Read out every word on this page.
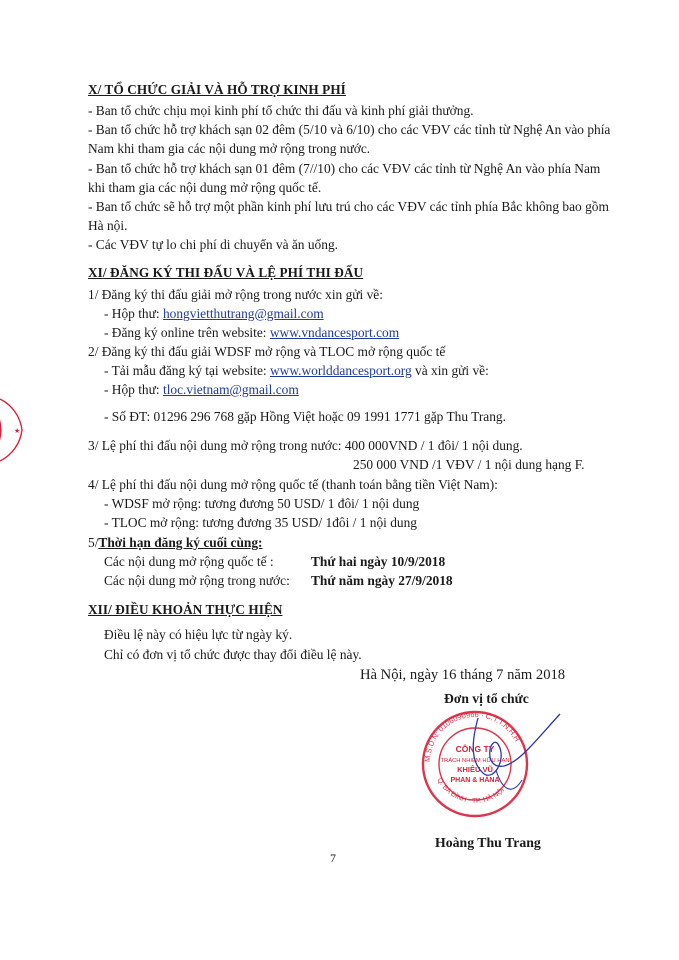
X/ TỔ CHỨC GIẢI VÀ HỖ TRỢ KINH PHÍ
- Ban tổ chức chịu mọi kinh phí tổ chức thi đấu và kinh phí giải thưởng.
- Ban tổ chức hỗ trợ khách sạn 02 đêm (5/10 và 6/10) cho các VĐV các tỉnh từ Nghệ An vào phía
Nam khi tham gia các nội dung mở rộng trong nước.
- Ban tổ chức hỗ trợ khách sạn 01 đêm (7//10) cho các VĐV các tỉnh từ Nghệ An vào phía Nam
khi tham gia các nội dung mở rộng quốc tế.
- Ban tổ chức sẽ hỗ trợ một phần kinh phí lưu trú cho các VĐV các tỉnh phía Bắc không bao gồm
Hà nội.
- Các VĐV tự lo chi phí di chuyển và ăn uống.
XI/ ĐĂNG KÝ THI ĐẤU VÀ LỆ PHÍ THI ĐẤU
1/ Đăng ký thi đấu giải mở rộng trong nước xin gửi về:
- Hộp thư: hongvietthutrang@gmail.com
- Đăng ký online trên website: www.vndancesport.com
2/ Đăng ký thi đấu giải WDSF mở rộng và TLOC mở rộng quốc tế
- Tải mẫu đăng ký tại website: www.worlddancesport.org và xin gửi về:
- Hộp thư: tloc.vietnam@gmail.com
- Số ĐT: 01296 296 768 gặp Hồng Việt hoặc 09 1991 1771 gặp Thu Trang.
3/ Lệ phí thi đấu nội dung mở rộng trong nước: 400 000VND / 1 đôi/ 1 nội dung.
250 000 VND /1 VĐV / 1 nội dung hạng F.
4/ Lệ phí thi đấu nội dung mở rộng quốc tế (thanh toán bằng tiền Việt Nam):
- WDSF mở rộng: tương đương 50 USD/ 1 đôi/ 1 nội dung
- TLOC mở rộng: tương đương 35 USD/ 1đôi / 1 nội dung
5/Thời hạn đăng ký cuối cùng:
Các nội dung mở rộng quốc tế :	Thứ hai ngày 10/9/2018
Các nội dung mở rộng trong nước: Thứ năm ngày 27/9/2018
XII/ ĐIỀU KHOẢN THỰC HIỆN
Điều lệ này có hiệu lực từ ngày ký.
Chỉ có đơn vị tổ chức được thay đổi điều lệ này.
Hà Nội, ngày 16 tháng 7 năm 2018
Đơn vị tổ chức
M.S.D.N: 0106090966 · C.T.T.N.H.H
Q. BA ĐÌNH · TP. HÀ NỘI
CÔNG TY
TRÁCH NHIỆM HỮU HẠN
KHIÊU VŨ
PHAN & HÀNA
Hoàng Thu Trang
7
★
